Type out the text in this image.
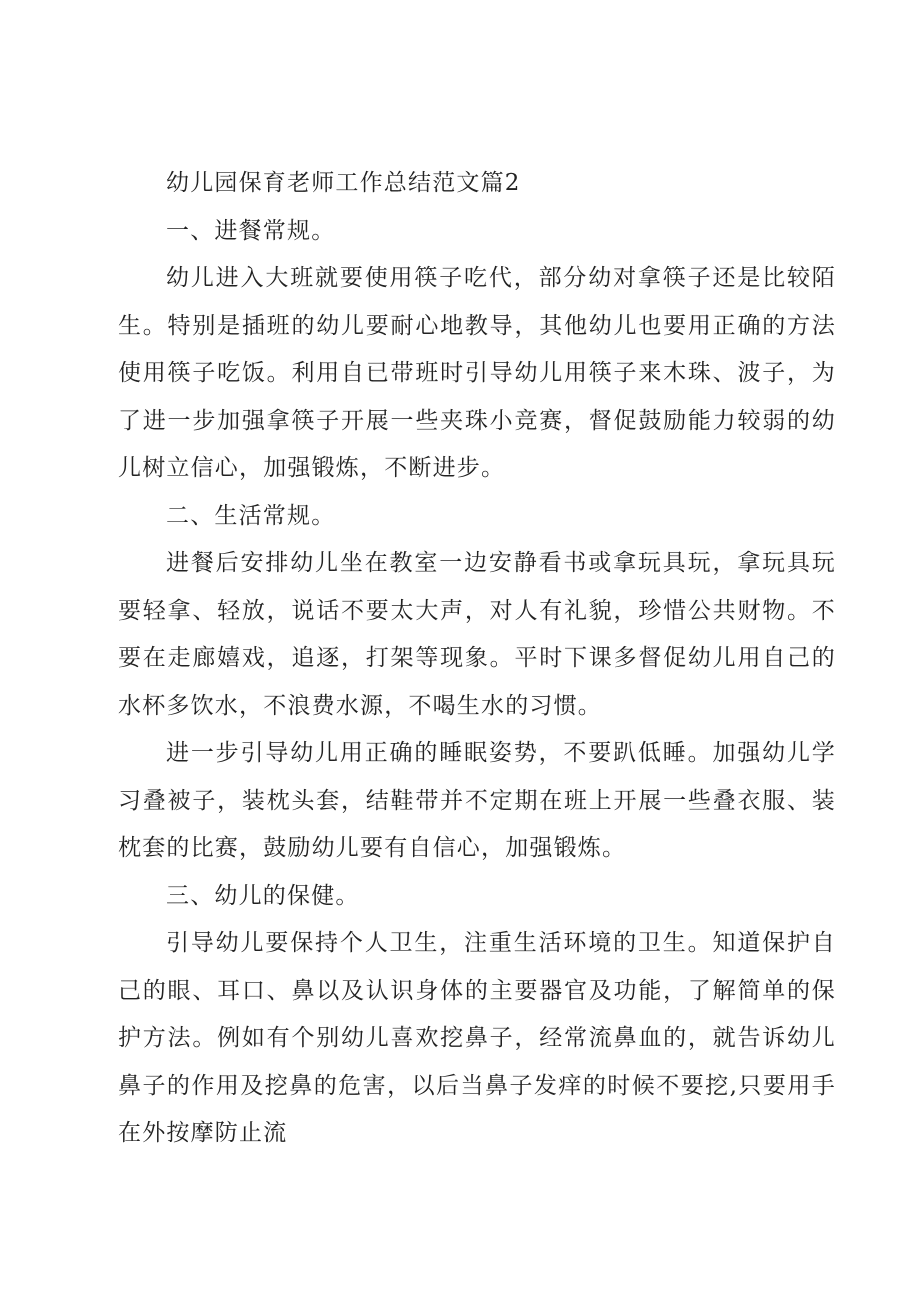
幼儿园保育老师工作总结范文篇2

一、进餐常规。

幼儿进入大班就要使用筷子吃代，部分幼对拿筷子还是比较陌生。特别是插班的幼儿要耐心地教导，其他幼儿也要用正确的方法使用筷子吃饭。利用自已带班时引导幼儿用筷子来木珠、波子，为了进一步加强拿筷子开展一些夹珠小竞赛，督促鼓励能力较弱的幼儿树立信心，加强锻炼，不断进步。

二、生活常规。

进餐后安排幼儿坐在教室一边安静看书或拿玩具玩，拿玩具玩要轻拿、轻放，说话不要太大声，对人有礼貌，珍惜公共财物。不要在走廊嬉戏，追逐，打架等现象。平时下课多督促幼儿用自己的水杯多饮水，不浪费水源，不喝生水的习惯。

进一步引导幼儿用正确的睡眠姿势，不要趴低睡。加强幼儿学习叠被子，装枕头套，结鞋带并不定期在班上开展一些叠衣服、装枕套的比赛，鼓励幼儿要有自信心，加强锻炼。

三、幼儿的保健。

引导幼儿要保持个人卫生，注重生活环境的卫生。知道保护自己的眼、耳口、鼻以及认识身体的主要器官及功能，了解简单的保护方法。例如有个别幼儿喜欢挖鼻子，经常流鼻血的，就告诉幼儿鼻子的作用及挖鼻的危害，以后当鼻子发痒的时候不要挖,只要用手在外按摩防止流
